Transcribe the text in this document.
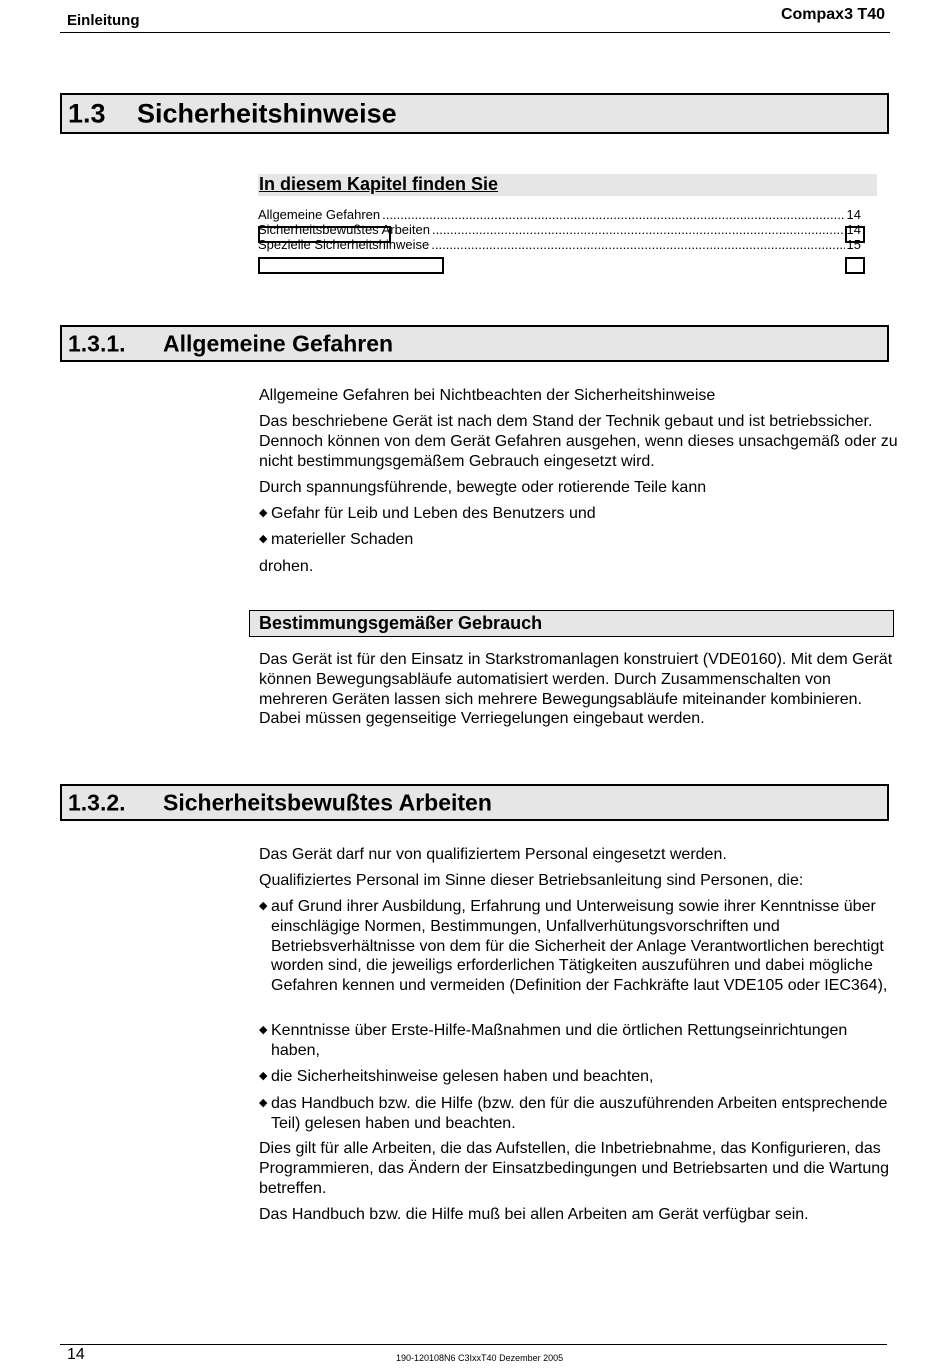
Einleitung	Compax3 T40
1.3 Sicherheitshinweise
In diesem Kapitel finden Sie
Allgemeine Gefahren .....	14
Sicherheitsbewußtes Arbeiten .....	14
Spezielle Sicherheitshinweise .....	15
1.3.1. Allgemeine Gefahren
Allgemeine Gefahren bei Nichtbeachten der Sicherheitshinweise
Das beschriebene Gerät ist nach dem Stand der Technik gebaut und ist betriebssicher. Dennoch können von dem Gerät Gefahren ausgehen, wenn dieses unsachgemäß oder zu nicht bestimmungsgemäßem Gebrauch eingesetzt wird.
Durch spannungsführende, bewegte oder rotierende Teile kann
◆ Gefahr für Leib und Leben des Benutzers und
◆ materieller Schaden
drohen.
Bestimmungsgemäßer Gebrauch
Das Gerät ist für den Einsatz in Starkstromanlagen konstruiert (VDE0160). Mit dem Gerät können Bewegungsabläufe automatisiert werden. Durch Zusammenschalten von mehreren Geräten lassen sich mehrere Bewegungsabläufe miteinander kombinieren. Dabei müssen gegenseitige Verriegelungen eingebaut werden.
1.3.2. Sicherheitsbewußtes Arbeiten
Das Gerät darf nur von qualifiziertem Personal eingesetzt werden.
Qualifiziertes Personal im Sinne dieser Betriebsanleitung sind Personen, die:
◆ auf Grund ihrer Ausbildung, Erfahrung und Unterweisung sowie ihrer Kenntnisse über einschlägige Normen, Bestimmungen, Unfallverhütungsvorschriften und Betriebsverhältnisse von dem für die Sicherheit der Anlage Verantwortlichen berechtigt worden sind, die jeweiligs erforderlichen Tätigkeiten auszuführen und dabei mögliche Gefahren kennen und vermeiden (Definition der Fachkräfte laut VDE105 oder IEC364),
◆ Kenntnisse über Erste-Hilfe-Maßnahmen und die örtlichen Rettungseinrichtungen haben,
◆ die Sicherheitshinweise gelesen haben und beachten,
◆ das Handbuch bzw. die Hilfe (bzw. den für die auszuführenden Arbeiten entsprechende Teil) gelesen haben und beachten.
Dies gilt für alle Arbeiten, die das Aufstellen, die Inbetriebnahme, das Konfigurieren, das Programmieren, das Ändern der Einsatzbedingungen und Betriebsarten und die Wartung betreffen.
Das Handbuch bzw. die Hilfe muß bei allen Arbeiten am Gerät verfügbar sein.
14	190-120108N6 C3IxxT40 Dezember 2005
